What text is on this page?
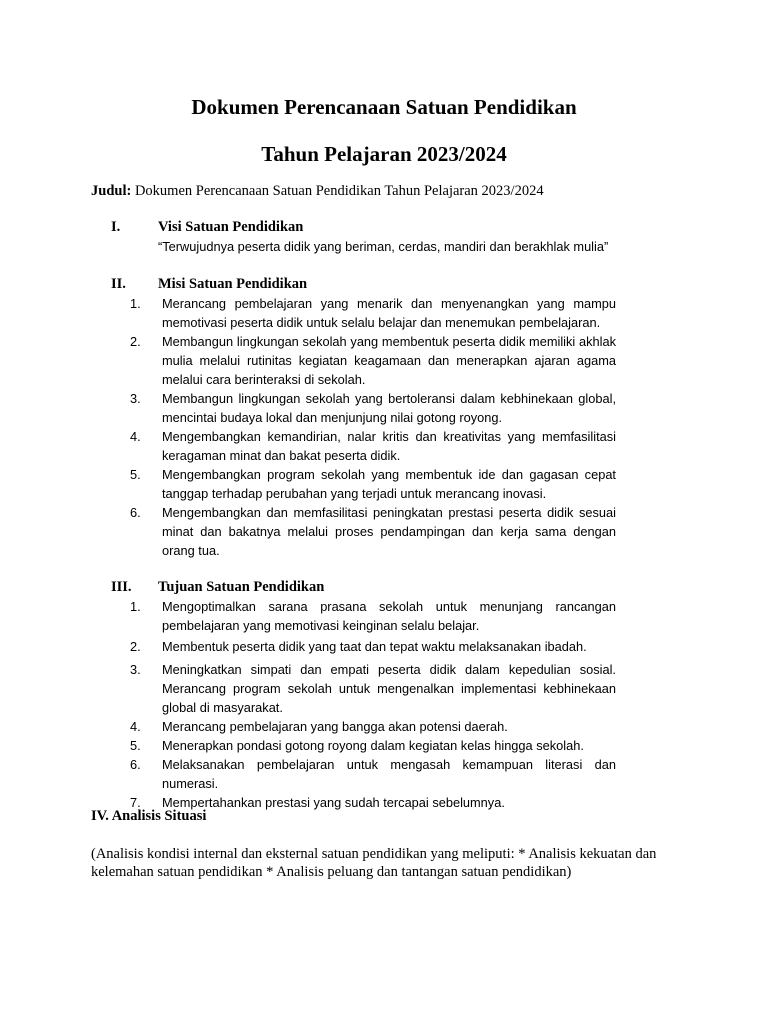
Dokumen Perencanaan Satuan Pendidikan
Tahun Pelajaran 2023/2024
Judul: Dokumen Perencanaan Satuan Pendidikan Tahun Pelajaran 2023/2024
I.	Visi Satuan Pendidikan
“Terwujudnya peserta didik yang beriman, cerdas, mandiri dan berakhlak mulia”
II. Misi Satuan Pendidikan
1. Merancang pembelajaran yang menarik dan menyenangkan yang mampu memotivasi peserta didik untuk selalu belajar dan menemukan pembelajaran.
2. Membangun lingkungan sekolah yang membentuk peserta didik memiliki akhlak mulia melalui rutinitas kegiatan keagamaan dan menerapkan ajaran agama melalui cara berinteraksi di sekolah.
3. Membangun lingkungan sekolah yang bertoleransi dalam kebhinekaan global, mencintai budaya lokal dan menjunjung nilai gotong royong.
4. Mengembangkan kemandirian, nalar kritis dan kreativitas yang memfasilitasi keragaman minat dan bakat peserta didik.
5. Mengembangkan program sekolah yang membentuk ide dan gagasan cepat tanggap terhadap perubahan yang terjadi untuk merancang inovasi.
6. Mengembangkan dan memfasilitasi peningkatan prestasi peserta didik sesuai minat dan bakatnya melalui proses pendampingan dan kerja sama dengan orang tua.
III. Tujuan Satuan Pendidikan
1. Mengoptimalkan sarana prasana sekolah untuk menunjang rancangan pembelajaran yang memotivasi keinginan selalu belajar.
2. Membentuk peserta didik yang taat dan tepat waktu melaksanakan ibadah.
3. Meningkatkan simpati dan empati peserta didik dalam kepedulian sosial. Merancang program sekolah untuk mengenalkan implementasi kebhinekaan global di masyarakat.
4. Merancang pembelajaran yang bangga akan potensi daerah.
5. Menerapkan pondasi gotong royong dalam kegiatan kelas hingga sekolah.
6. Melaksanakan pembelajaran untuk mengasah kemampuan literasi dan numerasi.
7. Mempertahankan prestasi yang sudah tercapai sebelumnya.
IV. Analisis Situasi
(Analisis kondisi internal dan eksternal satuan pendidikan yang meliputi: * Analisis kekuatan dan kelemahan satuan pendidikan * Analisis peluang dan tantangan satuan pendidikan)
